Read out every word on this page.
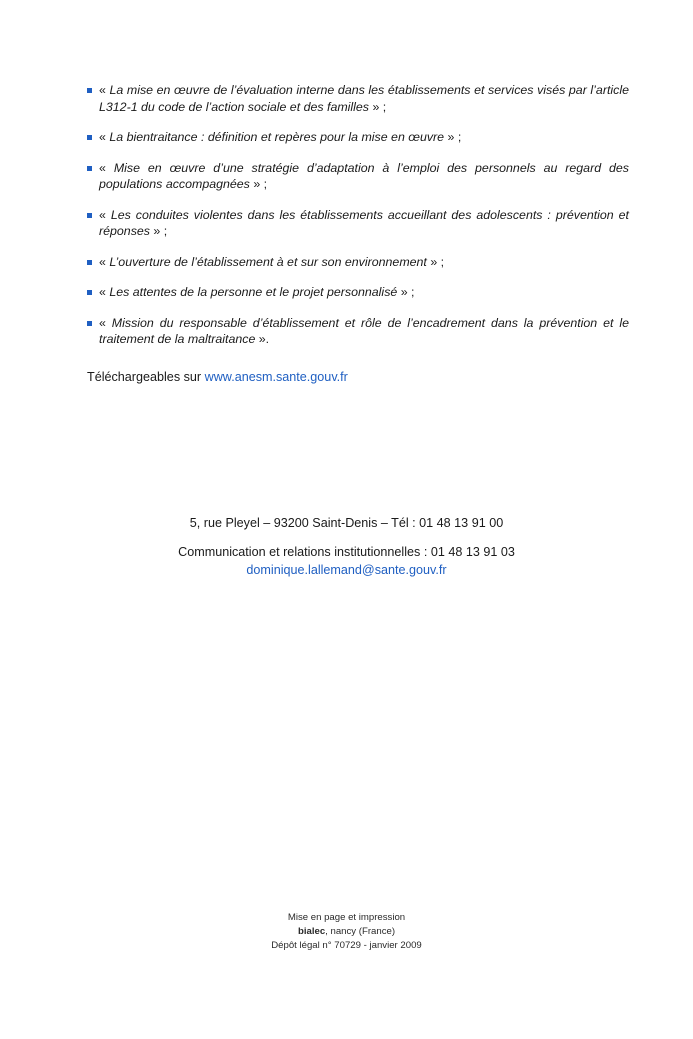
« La mise en œuvre de l’évaluation interne dans les établissements et services visés par l’article L312-1 du code de l’action sociale et des familles » ;
« La bientraitance : définition et repères pour la mise en œuvre » ;
« Mise en œuvre d’une stratégie d’adaptation à l’emploi des personnels au regard des populations accompagnées » ;
« Les conduites violentes dans les établissements accueillant des adolescents : prévention et réponses » ;
« L’ouverture de l’établissement à et sur son environnement » ;
« Les attentes de la personne et le projet personnalisé » ;
« Mission du responsable d’établissement et rôle de l’encadrement dans la prévention et le traitement de la maltraitance ».
Téléchargeables sur www.anesm.sante.gouv.fr
5, rue Pleyel – 93200 Saint-Denis – Tél : 01 48 13 91 00
Communication et relations institutionnelles : 01 48 13 91 03
dominique.lallemand@sante.gouv.fr
Mise en page et impression
bialec, nancy (France)
Dépôt légal n° 70729 - janvier 2009
